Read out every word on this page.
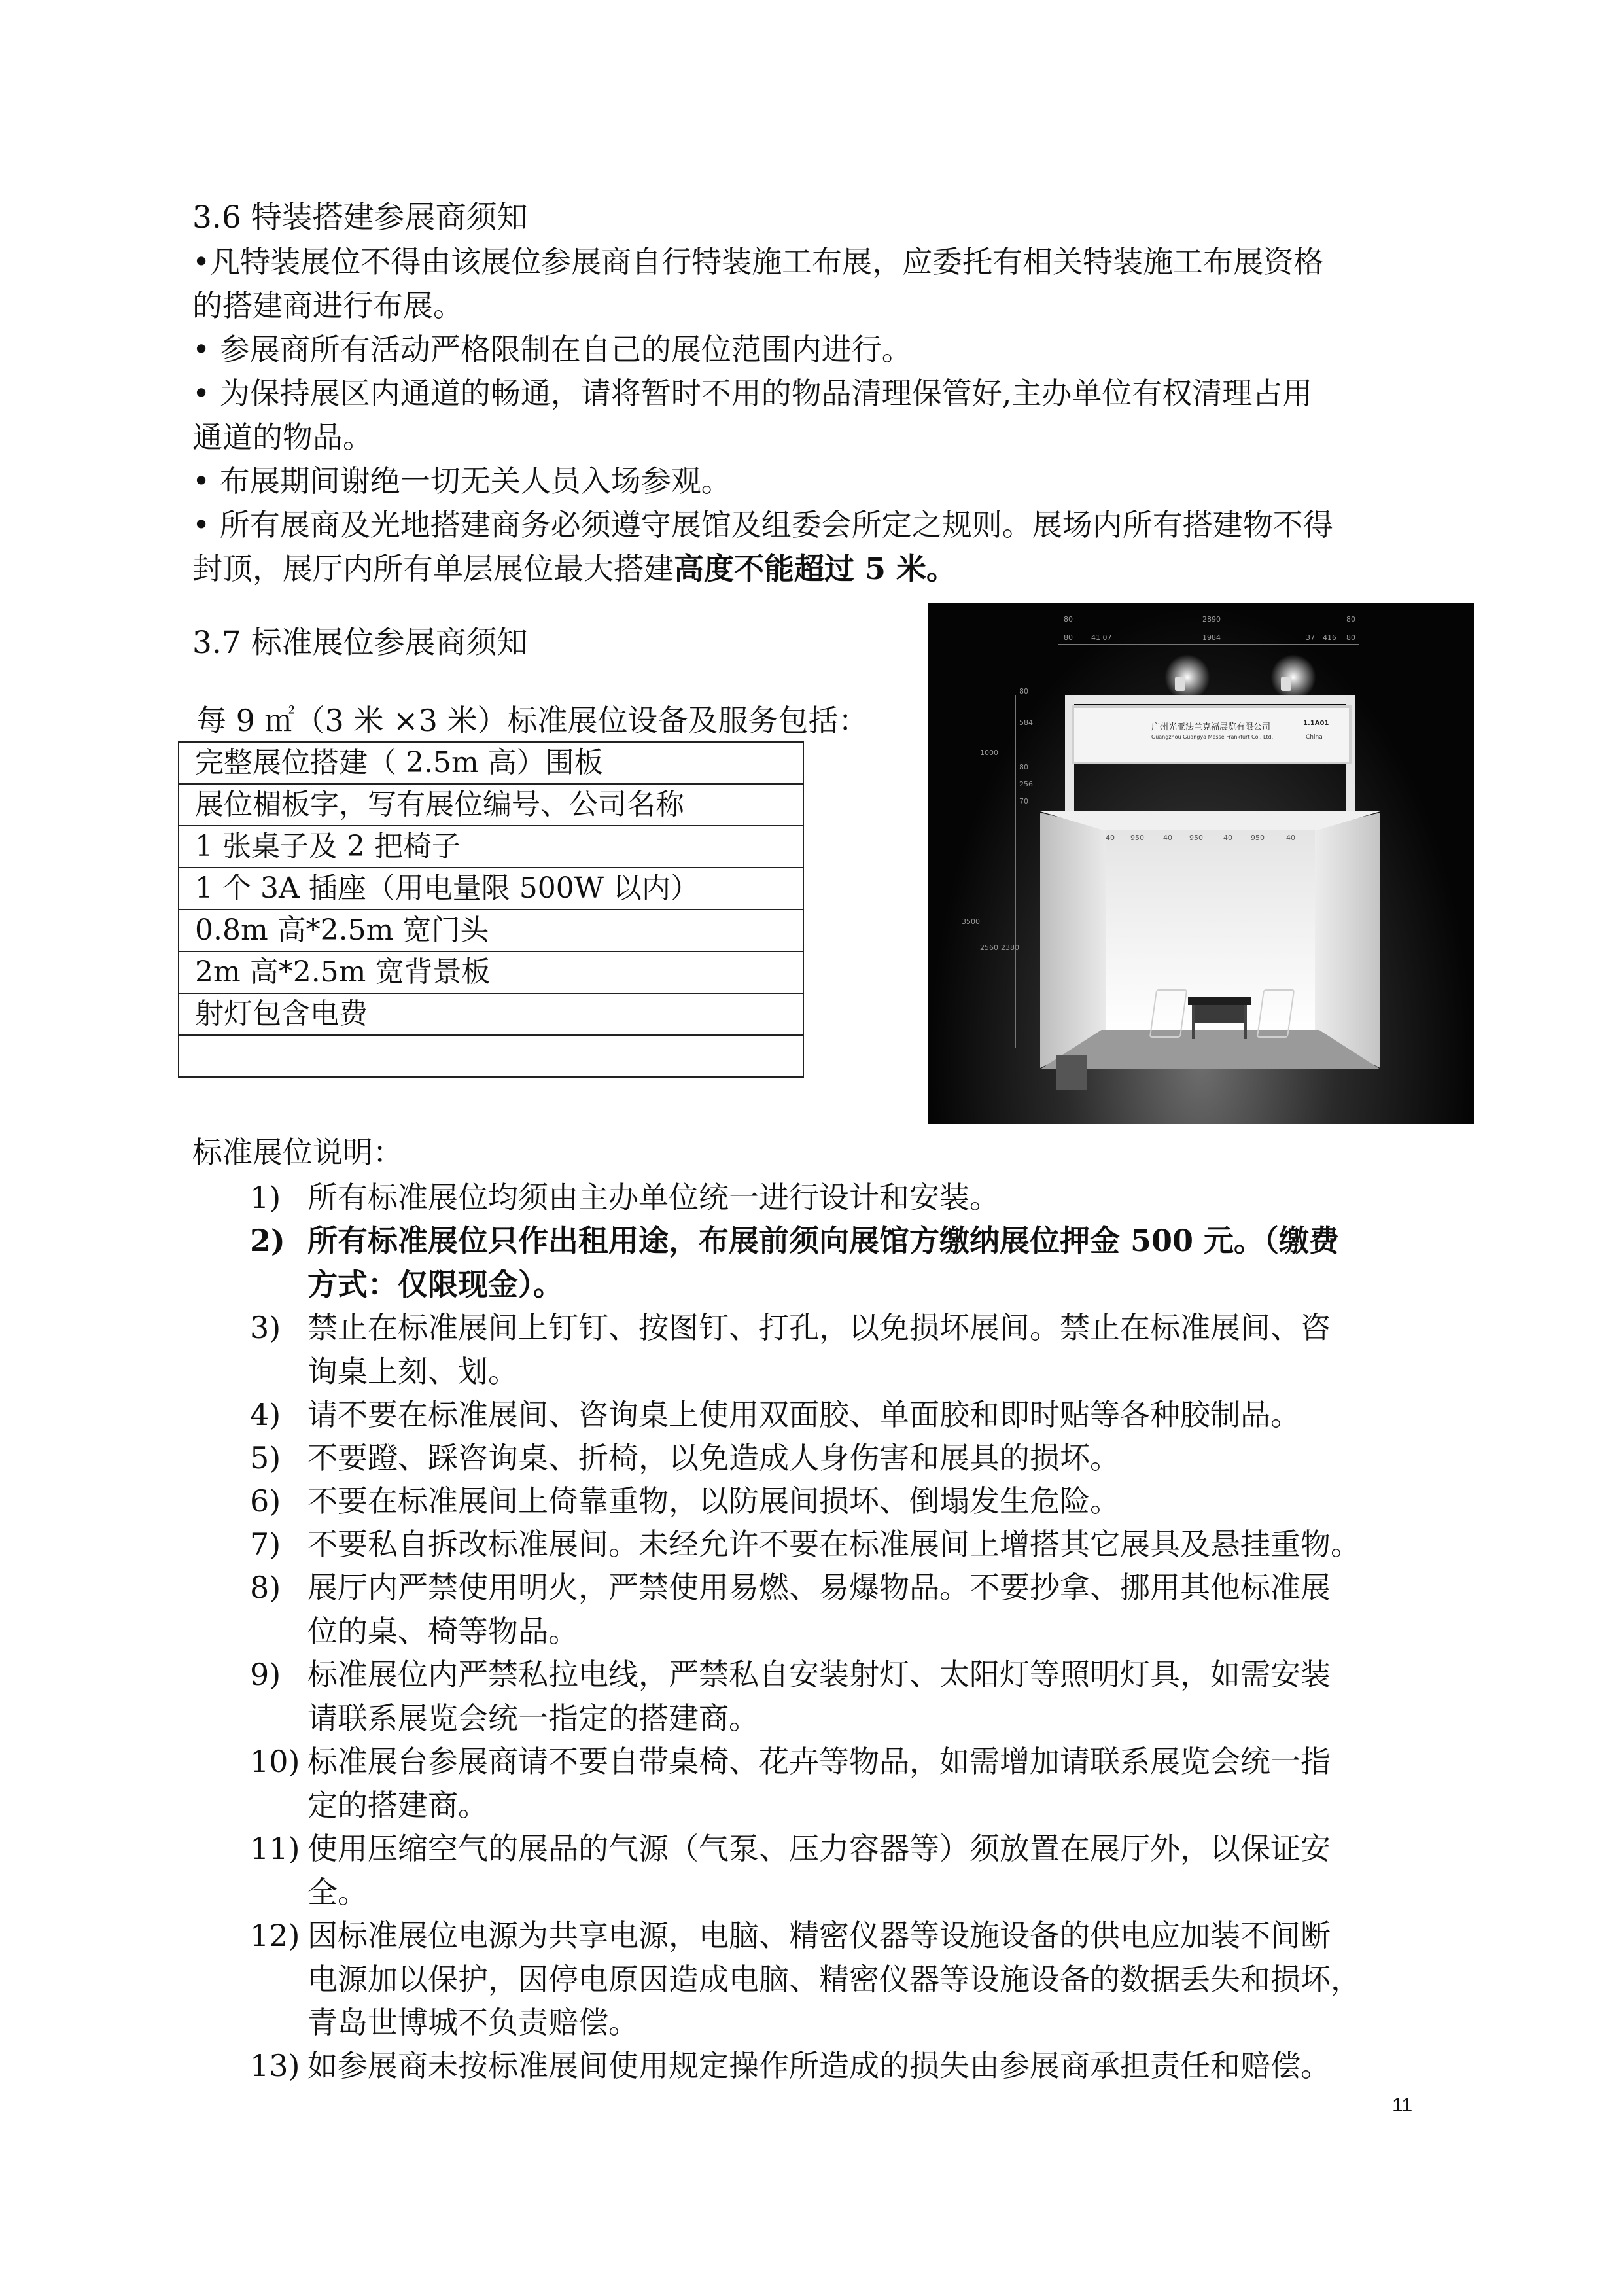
3.6 特装搭建参展商须知
•凡特装展位不得由该展位参展商自行特装施工布展，应委托有相关特装施工布展资格
的搭建商进行布展。
• 参展商所有活动严格限制在自己的展位范围内进行。
• 为保持展区内通道的畅通，请将暂时不用的物品清理保管好,主办单位有权清理占用
通道的物品。
• 布展期间谢绝一切无关人员入场参观。
• 所有展商及光地搭建商务必须遵守展馆及组委会所定之规则。展场内所有搭建物不得
封顶，展厅内所有单层展位最大搭建高度不能超过 5 米。
3.7 标准展位参展商须知
每 9 ㎡（3 米 ×3 米）标准展位设备及服务包括：
完整展位搭建（ 2.5m 高）围板
展位楣板字，写有展位编号、公司名称
1 张桌子及 2 把椅子
1 个 3A 插座（用电量限 500W 以内）
0.8m 高*2.5m 宽门头
2m 高*2.5m 宽背景板
射灯包含电费

80	2890	80
80	41 07	1984	37 416 80
80
584
1000
80
256
70
3500
2560 2380
广州光亚法兰克福展览有限公司
Guangzhou Guangya Messe Frankfurt Co., Ltd.
1.1A01
China
40 950	40 950	40	950	40
标准展位说明：
1) 所有标准展位均须由主办单位统一进行设计和安装。
2) 所有标准展位只作出租用途，布展前须向展馆方缴纳展位押金 500 元。（缴费
方式：仅限现金）。
3) 禁止在标准展间上钉钉、按图钉、打孔，以免损坏展间。禁止在标准展间、咨
询桌上刻、划。
4) 请不要在标准展间、咨询桌上使用双面胶、单面胶和即时贴等各种胶制品。
5) 不要蹬、踩咨询桌、折椅，以免造成人身伤害和展具的损坏。
6) 不要在标准展间上倚靠重物，以防展间损坏、倒塌发生危险。
7) 不要私自拆改标准展间。未经允许不要在标准展间上增搭其它展具及悬挂重物。
8) 展厅内严禁使用明火，严禁使用易燃、易爆物品。不要抄拿、挪用其他标准展
位的桌、椅等物品。
9) 标准展位内严禁私拉电线，严禁私自安装射灯、太阳灯等照明灯具，如需安装
请联系展览会统一指定的搭建商。
10) 标准展台参展商请不要自带桌椅、花卉等物品，如需增加请联系展览会统一指
定的搭建商。
11) 使用压缩空气的展品的气源（气泵、压力容器等）须放置在展厅外，以保证安
全。
12) 因标准展位电源为共享电源，电脑、精密仪器等设施设备的供电应加装不间断
电源加以保护，因停电原因造成电脑、精密仪器等设施设备的数据丢失和损坏，
青岛世博城不负责赔偿。
13) 如参展商未按标准展间使用规定操作所造成的损失由参展商承担责任和赔偿。
11
